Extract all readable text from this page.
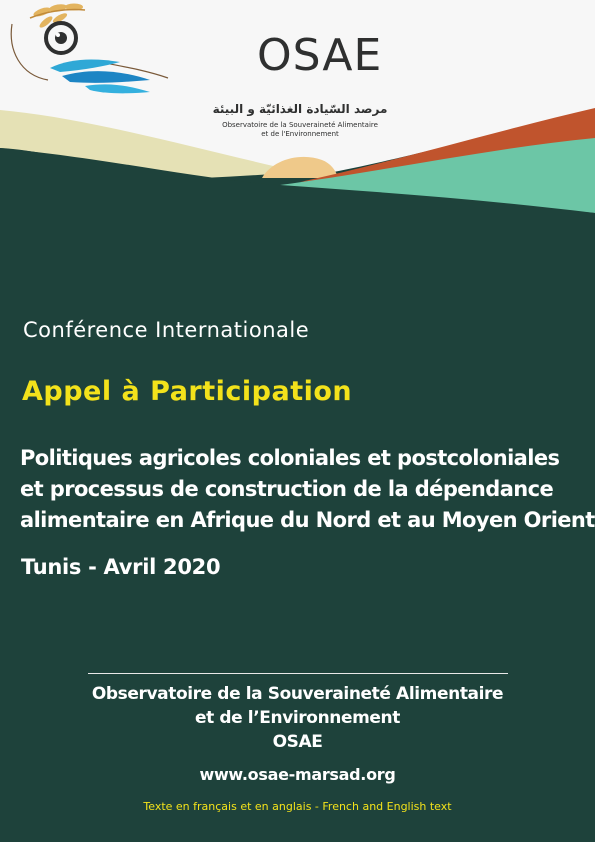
OSAE
مرصد السّيادة الغذائيّة و البيئة
Observatoire de la Souveraineté Alimentaire
et de l'Environnement
Conférence Internationale
Appel à Participation
Politiques agricoles coloniales et postcoloniales
et processus de construction de la dépendance
alimentaire en Afrique du Nord et au Moyen Orient
Tunis - Avril 2020
Observatoire de la Souveraineté Alimentaire
et de l’Environnement
OSAE
www.osae-marsad.org
Texte en français et en anglais - French and English text
